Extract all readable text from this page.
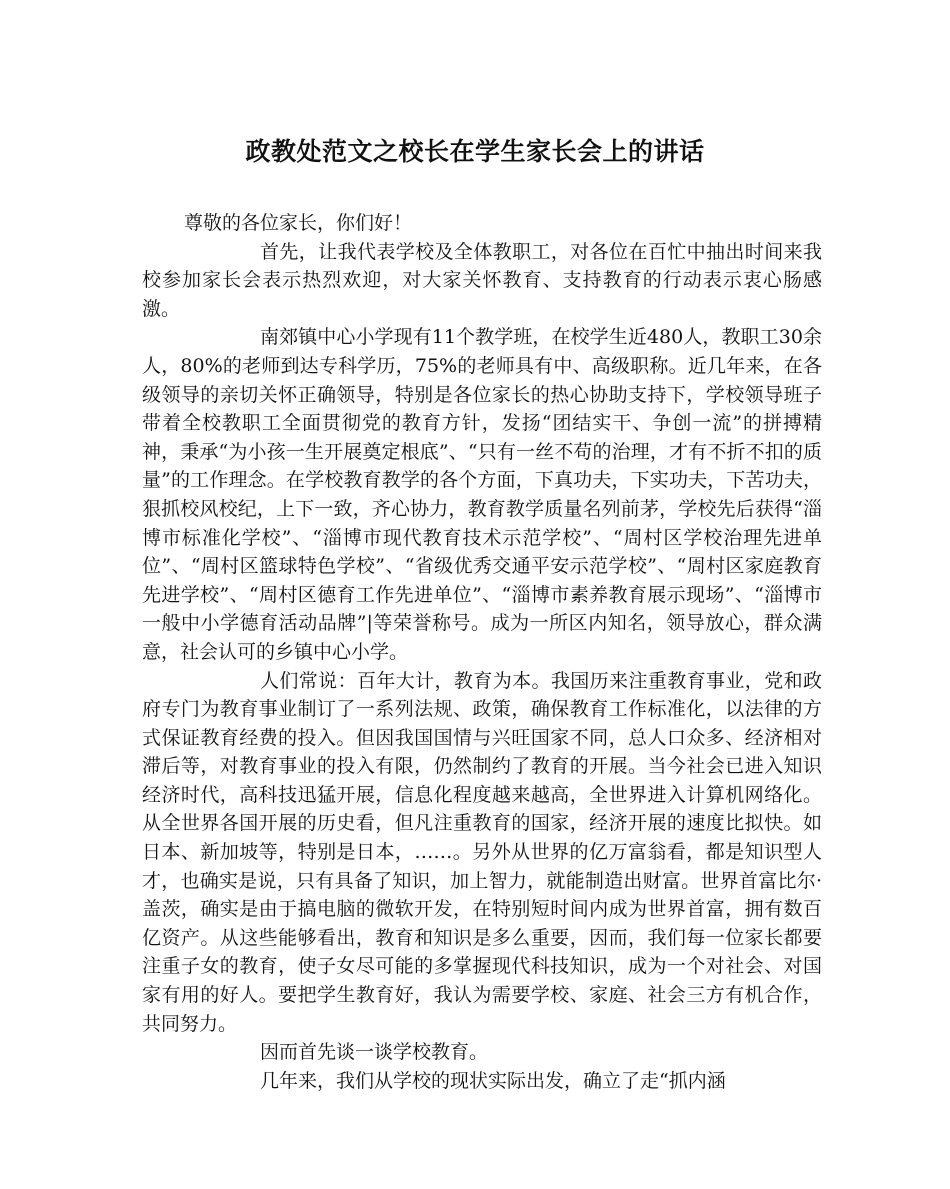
政教处范文之校长在学生家长会上的讲话

尊敬的各位家长，你们好！

首先，让我代表学校及全体教职工，对各位在百忙中抽出时间来我校参加家长会表示热烈欢迎，对大家关怀教育、支持教育的行动表示衷心肠感激。

南郊镇中心小学现有11个教学班，在校学生近480人，教职工30余人，80%的老师到达专科学历，75%的老师具有中、高级职称。近几年来，在各级领导的亲切关怀正确领导，特别是各位家长的热心协助支持下，学校领导班子带着全校教职工全面贯彻党的教育方针，发扬“团结实干、争创一流”的拼搏精神，秉承“为小孩一生开展奠定根底”、“只有一丝不苟的治理，才有不折不扣的质量”的工作理念。在学校教育教学的各个方面，下真功夫，下实功夫，下苦功夫，狠抓校风校纪，上下一致，齐心协力，教育教学质量名列前茅，学校先后获得“淄博市标准化学校”、“淄博市现代教育技术示范学校”、“周村区学校治理先进单位”、“周村区篮球特色学校”、“省级优秀交通平安示范学校”、“周村区家庭教育先进学校”、“周村区德育工作先进单位”、“淄博市素养教育展示现场”、“淄博市一般中小学德育活动品牌”|等荣誉称号。成为一所区内知名，领导放心，群众满意，社会认可的乡镇中心小学。

人们常说：百年大计，教育为本。我国历来注重教育事业，党和政府专门为教育事业制订了一系列法规、政策，确保教育工作标准化，以法律的方式保证教育经费的投入。但因我国国情与兴旺国家不同，总人口众多、经济相对滞后等，对教育事业的投入有限，仍然制约了教育的开展。当今社会已进入知识经济时代，高科技迅猛开展，信息化程度越来越高，全世界进入计算机网络化。从全世界各国开展的历史看，但凡注重教育的国家，经济开展的速度比拟快。如日本、新加坡等，特别是日本，……。另外从世界的亿万富翁看，都是知识型人才，也确实是说，只有具备了知识，加上智力，就能制造出财富。世界首富比尔·盖茨，确实是由于搞电脑的微软开发，在特别短时间内成为世界首富，拥有数百亿资产。从这些能够看出，教育和知识是多么重要，因而，我们每一位家长都要注重子女的教育，使子女尽可能的多掌握现代科技知识，成为一个对社会、对国家有用的好人。要把学生教育好，我认为需要学校、家庭、社会三方有机合作，共同努力。

因而首先谈一谈学校教育。

几年来，我们从学校的现状实际出发，确立了走“抓内涵
